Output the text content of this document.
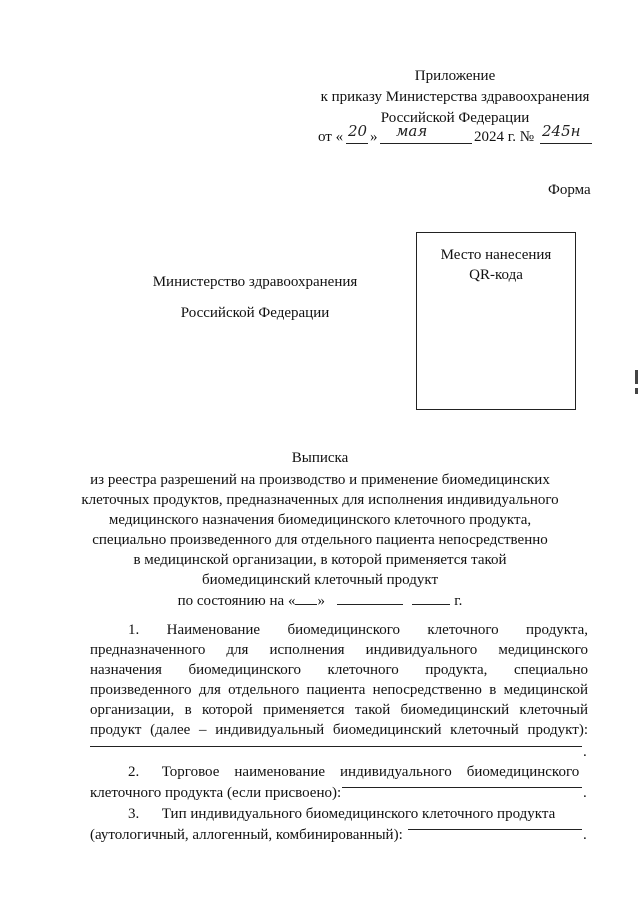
Приложение
к приказу Министерства здравоохранения
Российской Федерации
от « 20 » мая	2024 г. № 245н
Форма
Министерство здравоохранения
Российской Федерации
Место нанесения
QR-кода
Выписка
из реестра разрешений на производство и применение биомедицинских
клеточных продуктов, предназначенных для исполнения индивидуального
медицинского назначения биомедицинского клеточного продукта,
специально произведенного для отдельного пациента непосредственно
в медицинской организации, в которой применяется такой
биомедицинский клеточный продукт
по состоянию на « »	г.
1.      Наименование      биомедицинского      клеточного      продукта,
предназначенного   для   исполнения   индивидуального   медицинского
назначения    биомедицинского    клеточного    продукта,    специально
произведенного для отдельного пациента непосредственно в медицинской
организации, в которой применяется такой биомедицинский клеточный
продукт (далее – индивидуальный биомедицинский клеточный продукт):
.
2.      Торговое    наименование    индивидуального    биомедицинского
клеточного продукта (если присвоено):	.
3.      Тип индивидуального биомедицинского клеточного продукта
(аутологичный, аллогенный, комбинированный):	.
